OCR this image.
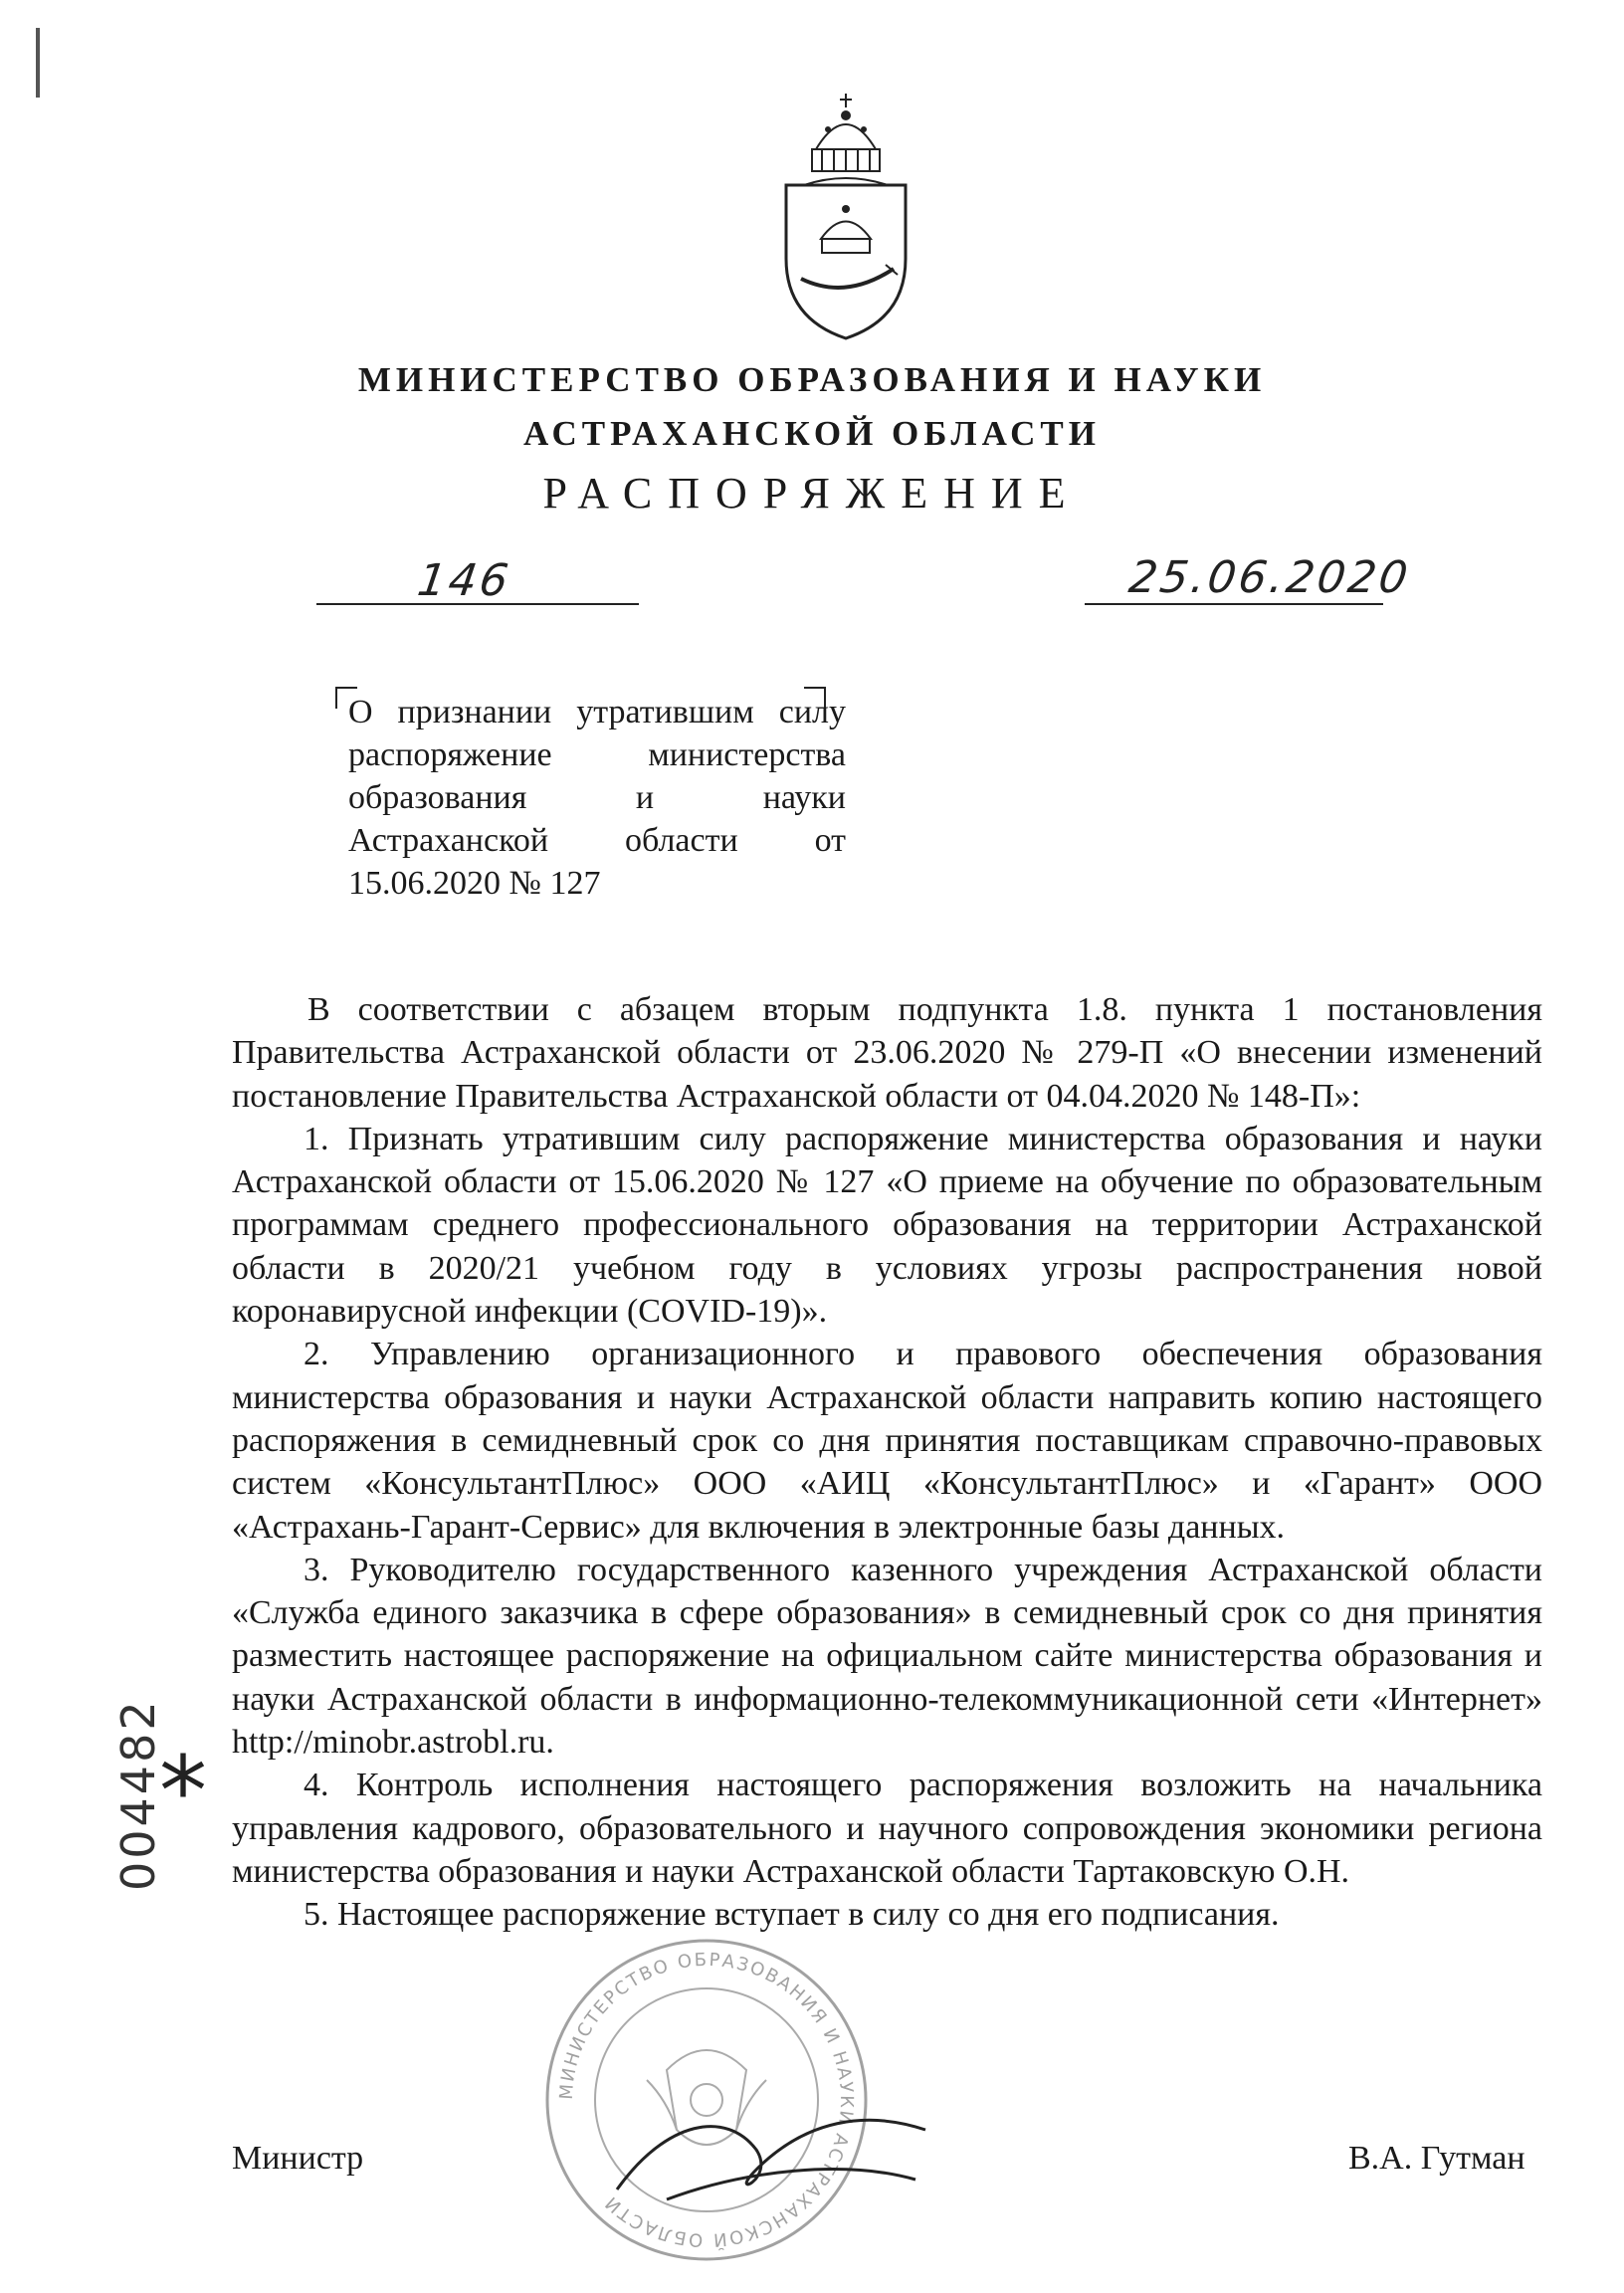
МИНИСТЕРСТВО ОБРАЗОВАНИЯ И НАУКИ
АСТРАХАНСКОЙ ОБЛАСТИ
РАСПОРЯЖЕНИЕ
146	25.06.2020
О признании утратившим силу распоряжение министерства образования и науки Астраханской области от 15.06.2020 № 127

В соответствии с абзацем вторым подпункта 1.8. пункта 1 постановления Правительства Астраханской области от 23.06.2020 № 279-П «О внесении изменений постановление Правительства Астраханской области от 04.04.2020 № 148-П»:

1. Признать утратившим силу распоряжение министерства образования и науки Астраханской области от 15.06.2020 № 127 «О приеме на обучение по образовательным программам среднего профессионального образования на территории Астраханской области в 2020/21 учебном году в условиях угрозы распространения новой коронавирусной инфекции (COVID-19)».

2. Управлению организационного и правового обеспечения образования министерства образования и науки Астраханской области направить копию настоящего распоряжения в семидневный срок со дня принятия поставщикам справочно-правовых систем «КонсультантПлюс» ООО «АИЦ «КонсультантПлюс» и «Гарант» ООО «Астрахань-Гарант-Сервис» для включения в электронные базы данных.

3. Руководителю государственного казенного учреждения Астраханской области «Служба единого заказчика в сфере образования» в семидневный срок со дня принятия разместить настоящее распоряжение на официальном сайте министерства образования и науки Астраханской области в информационно-телекоммуникационной сети «Интернет» http://minobr.astrobl.ru.

4. Контроль исполнения настоящего распоряжения возложить на начальника управления кадрового, образовательного и научного сопровождения экономики региона министерства образования и науки Астраханской области Тартаковскую О.Н.

5. Настоящее распоряжение вступает в силу со дня его подписания.

004482
*
МИНИСТЕРСТВО ОБРАЗОВАНИЯ И НАУКИ АСТРАХАНСКОЙ ОБЛАСТИ
Министр	В.А. Гутман
